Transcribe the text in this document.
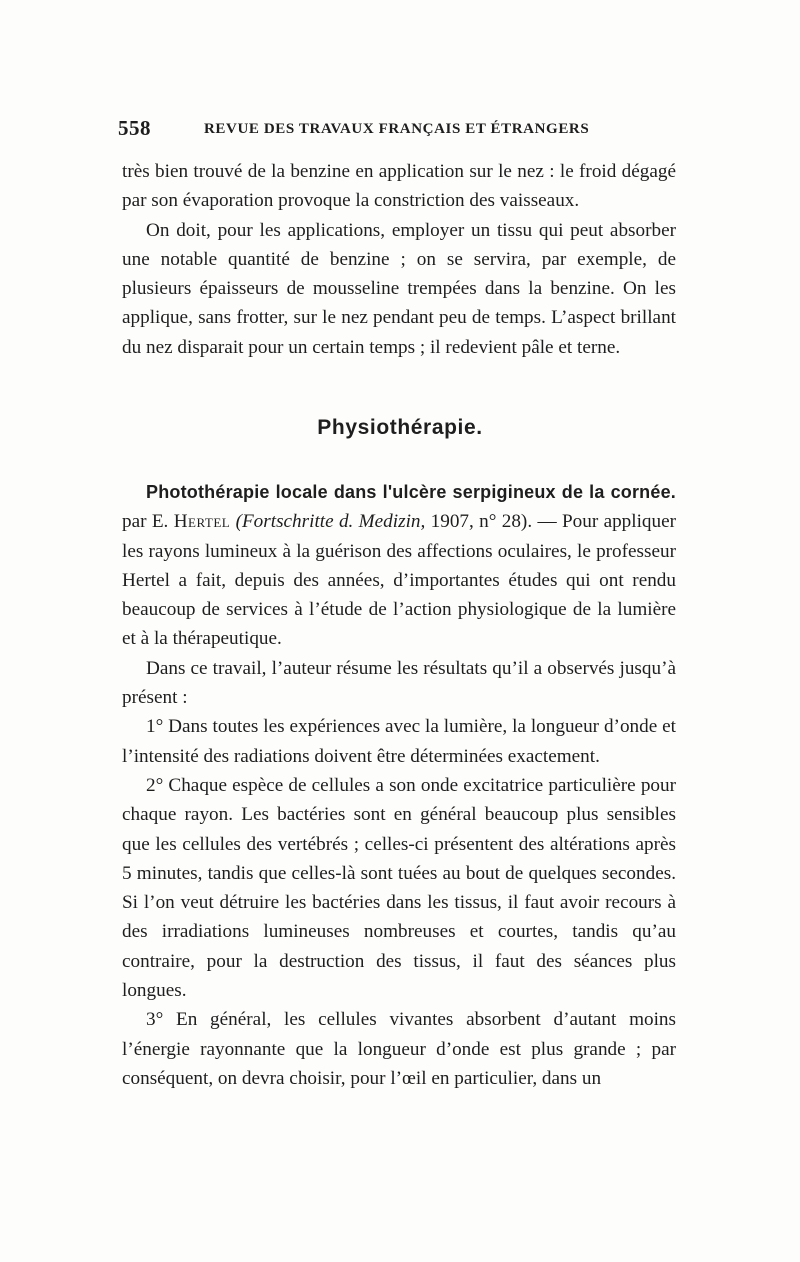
558	REVUE DES TRAVAUX FRANÇAIS ET ÉTRANGERS

très bien trouvé de la benzine en application sur le nez : le froid dégagé par son évaporation provoque la constriction des vaisseaux.

On doit, pour les applications, employer un tissu qui peut absorber une notable quantité de benzine ; on se servira, par exemple, de plusieurs épaisseurs de mousseline trempées dans la benzine. On les applique, sans frotter, sur le nez pendant peu de temps. L’aspect brillant du nez disparait pour un certain temps ; il redevient pâle et terne.

Physiothérapie.

Photothérapie locale dans l'ulcère serpigineux de la cornée. par E. Hertel (Fortschritte d. Medizin, 1907, n° 28). — Pour appliquer les rayons lumineux à la guérison des affections oculaires, le professeur Hertel a fait, depuis des années, d’importantes études qui ont rendu beaucoup de services à l’étude de l’action physiologique de la lumière et à la thérapeutique.

Dans ce travail, l’auteur résume les résultats qu’il a observés jusqu’à présent :

1° Dans toutes les expériences avec la lumière, la longueur d’onde et l’intensité des radiations doivent être déterminées exactement.

2° Chaque espèce de cellules a son onde excitatrice particulière pour chaque rayon. Les bactéries sont en général beaucoup plus sensibles que les cellules des vertébrés ; celles-ci présentent des altérations après 5 minutes, tandis que celles-là sont tuées au bout de quelques secondes. Si l’on veut détruire les bactéries dans les tissus, il faut avoir recours à des irradiations lumineuses nombreuses et courtes, tandis qu’au contraire, pour la destruction des tissus, il faut des séances plus longues.

3° En général, les cellules vivantes absorbent d’autant moins l’énergie rayonnante que la longueur d’onde est plus grande ; par conséquent, on devra choisir, pour l’œil en particulier, dans un
